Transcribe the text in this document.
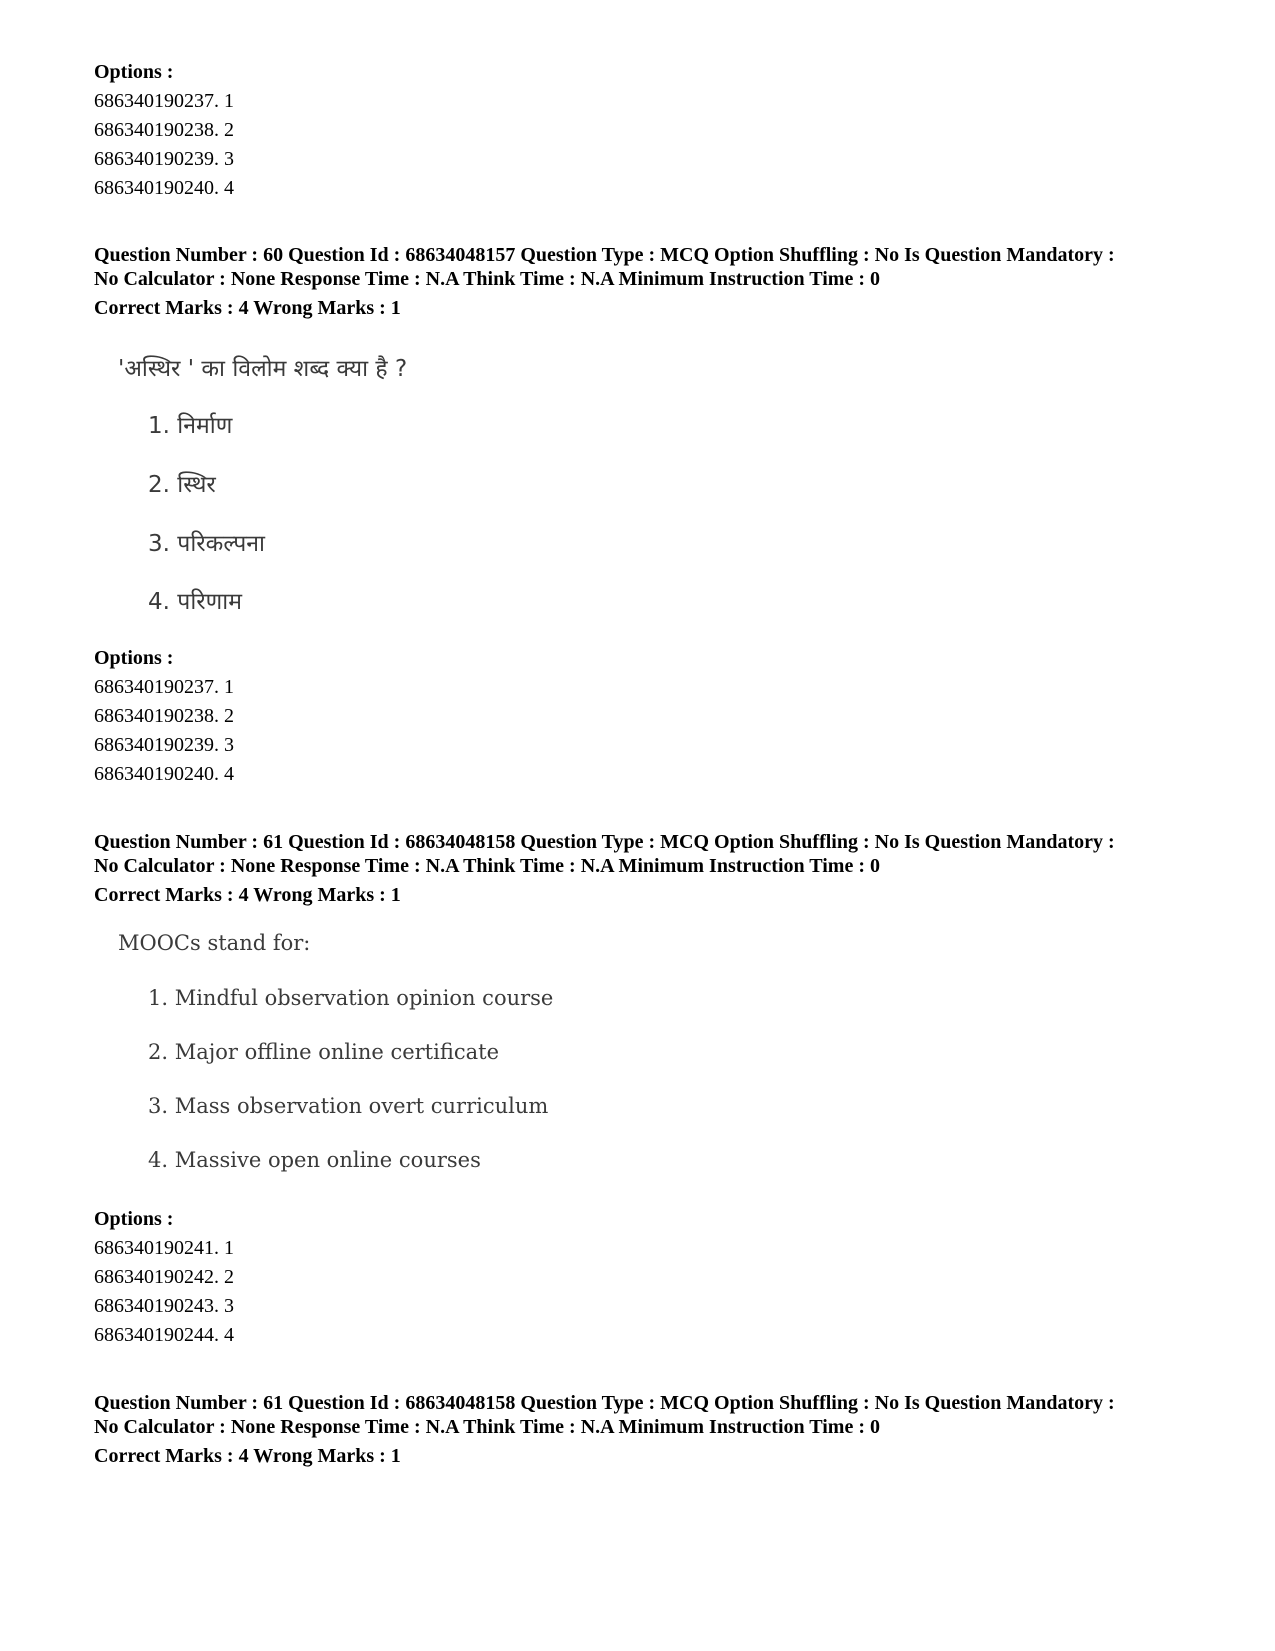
Options :
686340190237. 1
686340190238. 2
686340190239. 3
686340190240. 4
Question Number : 60 Question Id : 68634048157 Question Type : MCQ Option Shuffling : No Is Question Mandatory :
No Calculator : None Response Time : N.A Think Time : N.A Minimum Instruction Time : 0
Correct Marks : 4 Wrong Marks : 1
'अस्थिर ' का विलोम शब्द क्या है ?
1. निर्माण
2. स्थिर
3. परिकल्पना
4. परिणाम
Options :
686340190237. 1
686340190238. 2
686340190239. 3
686340190240. 4
Question Number : 61 Question Id : 68634048158 Question Type : MCQ Option Shuffling : No Is Question Mandatory :
No Calculator : None Response Time : N.A Think Time : N.A Minimum Instruction Time : 0
Correct Marks : 4 Wrong Marks : 1
MOOCs stand for:
1. Mindful observation opinion course
2. Major offline online certificate
3. Mass observation overt curriculum
4. Massive open online courses
Options :
686340190241. 1
686340190242. 2
686340190243. 3
686340190244. 4
Question Number : 61 Question Id : 68634048158 Question Type : MCQ Option Shuffling : No Is Question Mandatory :
No Calculator : None Response Time : N.A Think Time : N.A Minimum Instruction Time : 0
Correct Marks : 4 Wrong Marks : 1
